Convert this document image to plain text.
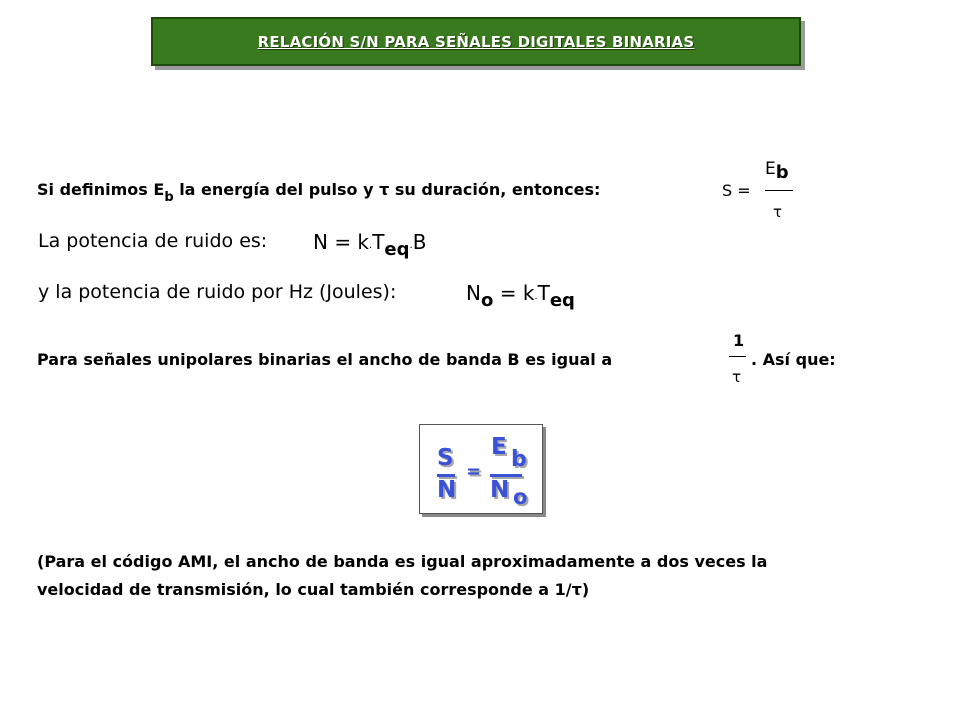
RELACIÓN S/N PARA SEÑALES DIGITALES BINARIAS
Si definimos $E_b$ la energía del pulso y τ su duración, entonces:	S =
Eb
τ
La potencia de ruido es: N = k·Teq·B
y la potencia de ruido por Hz (Joules):	No = k·Teq
Para señales unipolares binarias el ancho de banda B es igual a
1
τ
. Así que:
S
N
=
E b
N o
(Para el código AMI, el ancho de banda es igual aproximadamente a dos veces la
velocidad de transmisión, lo cual también corresponde a 1/τ)
